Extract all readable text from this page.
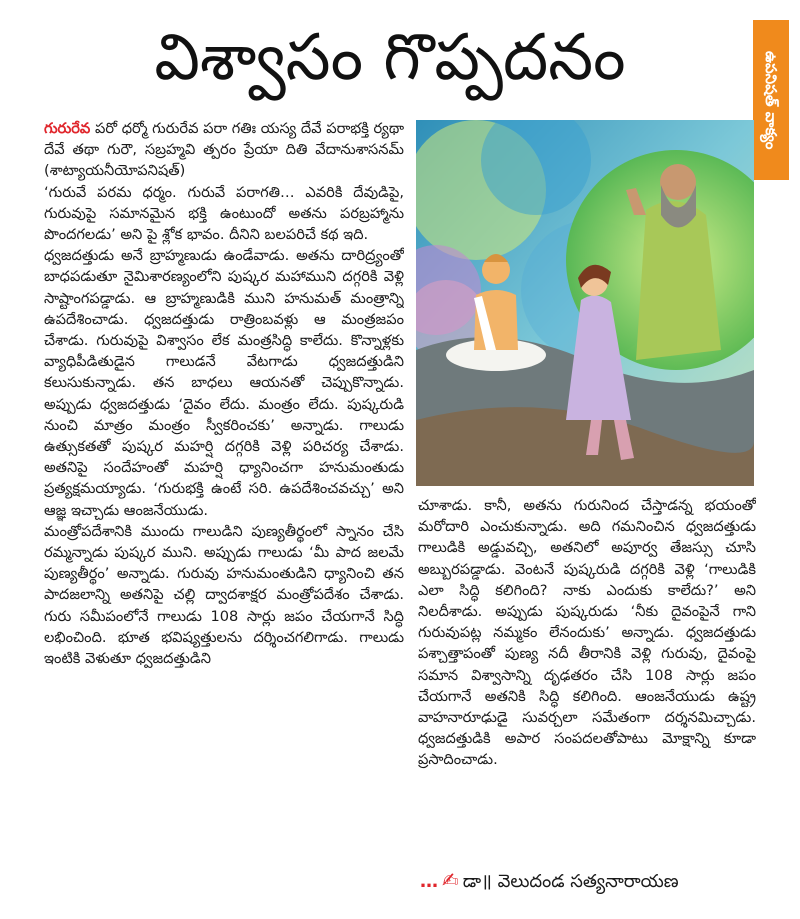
విశ్వాసం గొప్పదనం	ఉపనిషత్‌ వాక్యం

గురురేవ పరో ధర్మో గురురేవ పరా గతిః యస్య దేవే పరాభక్తి ర్యథా దేవే తథా గురౌ, సబ్రహ్మవి త్పరం ప్రేయా దితి వేదానుశాసనమ్‌ (శాట్యాయనీయోపనిషత్‌)

‘గురువే పరమ ధర్మం. గురువే పరాగతి… ఎవరికి దేవుడిపై, గురువుపై సమానమైన భక్తి ఉంటుందో అతను పరబ్రహ్మాను పొందగలడు’ అని పై శ్లోక భావం. దీనిని బలపరిచే కథ ఇది.

ధ్వజదత్తుడు అనే బ్రాహ్మణుడు ఉండేవాడు. అతను దారిద్ర్యంతో బాధపడుతూ నైమిశారణ్యంలోని పుష్కర మహాముని దగ్గరికి వెళ్లి సాష్టాంగపడ్డాడు. ఆ బ్రాహ్మణుడికి ముని హనుమత్‌ మంత్రాన్ని ఉపదేశించాడు. ధ్వజదత్తుడు రాత్రింబవళ్లు ఆ మంత్రజపం చేశాడు. గురువుపై విశ్వాసం లేక మంత్రసిద్ధి కాలేదు. కొన్నాళ్లకు వ్యాధిపీడితుడైన గాలుడనే వేటగాడు ధ్వజదత్తుడిని కలుసుకున్నాడు. తన బాధలు ఆయనతో చెప్పుకొన్నాడు. అప్పుడు ధ్వజదత్తుడు ‘దైవం లేదు. మంత్రం లేదు. పుష్కరుడి నుంచి మాత్రం మంత్రం స్వీకరించకు’ అన్నాడు. గాలుడు ఉత్సుకతతో పుష్కర మహర్షి దగ్గరికి వెళ్లి పరిచర్య చేశాడు. అతనిపై సందేహంతో మహర్షి ధ్యానించగా హనుమంతుడు ప్రత్యక్షమయ్యాడు. ‘గురుభక్తి ఉంటే సరి. ఉపదేశించవచ్చు’ అని ఆజ్ఞ ఇచ్చాడు ఆంజనేయుడు.

మంత్రోపదేశానికి ముందు గాలుడిని పుణ్యతీర్థంలో స్నానం చేసి రమ్మన్నాడు పుష్కర ముని. అప్పుడు గాలుడు ‘మీ పాద జలమే పుణ్యతీర్థం’ అన్నాడు. గురువు హనుమంతుడిని ధ్యానించి తన పాదజలాన్ని అతనిపై చల్లి ద్వాదశాక్షర మంత్రోపదేశం చేశాడు. గురు సమీపంలోనే గాలుడు 108 సార్లు జపం చేయగానే సిద్ధి లభించింది. భూత భవిష్యత్తులను దర్శించగలిగాడు. గాలుడు ఇంటికి వెళుతూ ధ్వజదత్తుడిని

చూశాడు. కానీ, అతను గురునింద చేస్తాడన్న భయంతో మరోదారి ఎంచుకున్నాడు. అది గమనించిన ధ్వజదత్తుడు గాలుడికి అడ్డువచ్చి, అతనిలో అపూర్వ తేజస్సు చూసి అబ్బురపడ్డాడు. వెంటనే పుష్కరుడి దగ్గరికి వెళ్లి ‘గాలుడికి ఎలా సిద్ధి కలిగింది? నాకు ఎందుకు కాలేదు?’ అని నిలదీశాడు. అప్పుడు పుష్కరుడు ‘నీకు దైవంపైనే గాని గురువుపట్ల నమ్మకం లేనందుకు’ అన్నాడు. ధ్వజదత్తుడు పశ్చాత్తాపంతో పుణ్య నదీ తీరానికి వెళ్లి గురువు, దైవంపై సమాన విశ్వాసాన్ని దృఢతరం చేసి 108 సార్లు జపం చేయగానే అతనికి సిద్ధి కలిగింది. ఆంజనేయుడు ఉష్ట్ర వాహనారూఢుడై సువర్చలా సమేతంగా దర్శనమిచ్చాడు. ధ్వజదత్తుడికి అపార సంపదలతోపాటు మోక్షాన్ని కూడా ప్రసాదించాడు.

… ✍ డా॥ వెలుదండ సత్యనారాయణ
